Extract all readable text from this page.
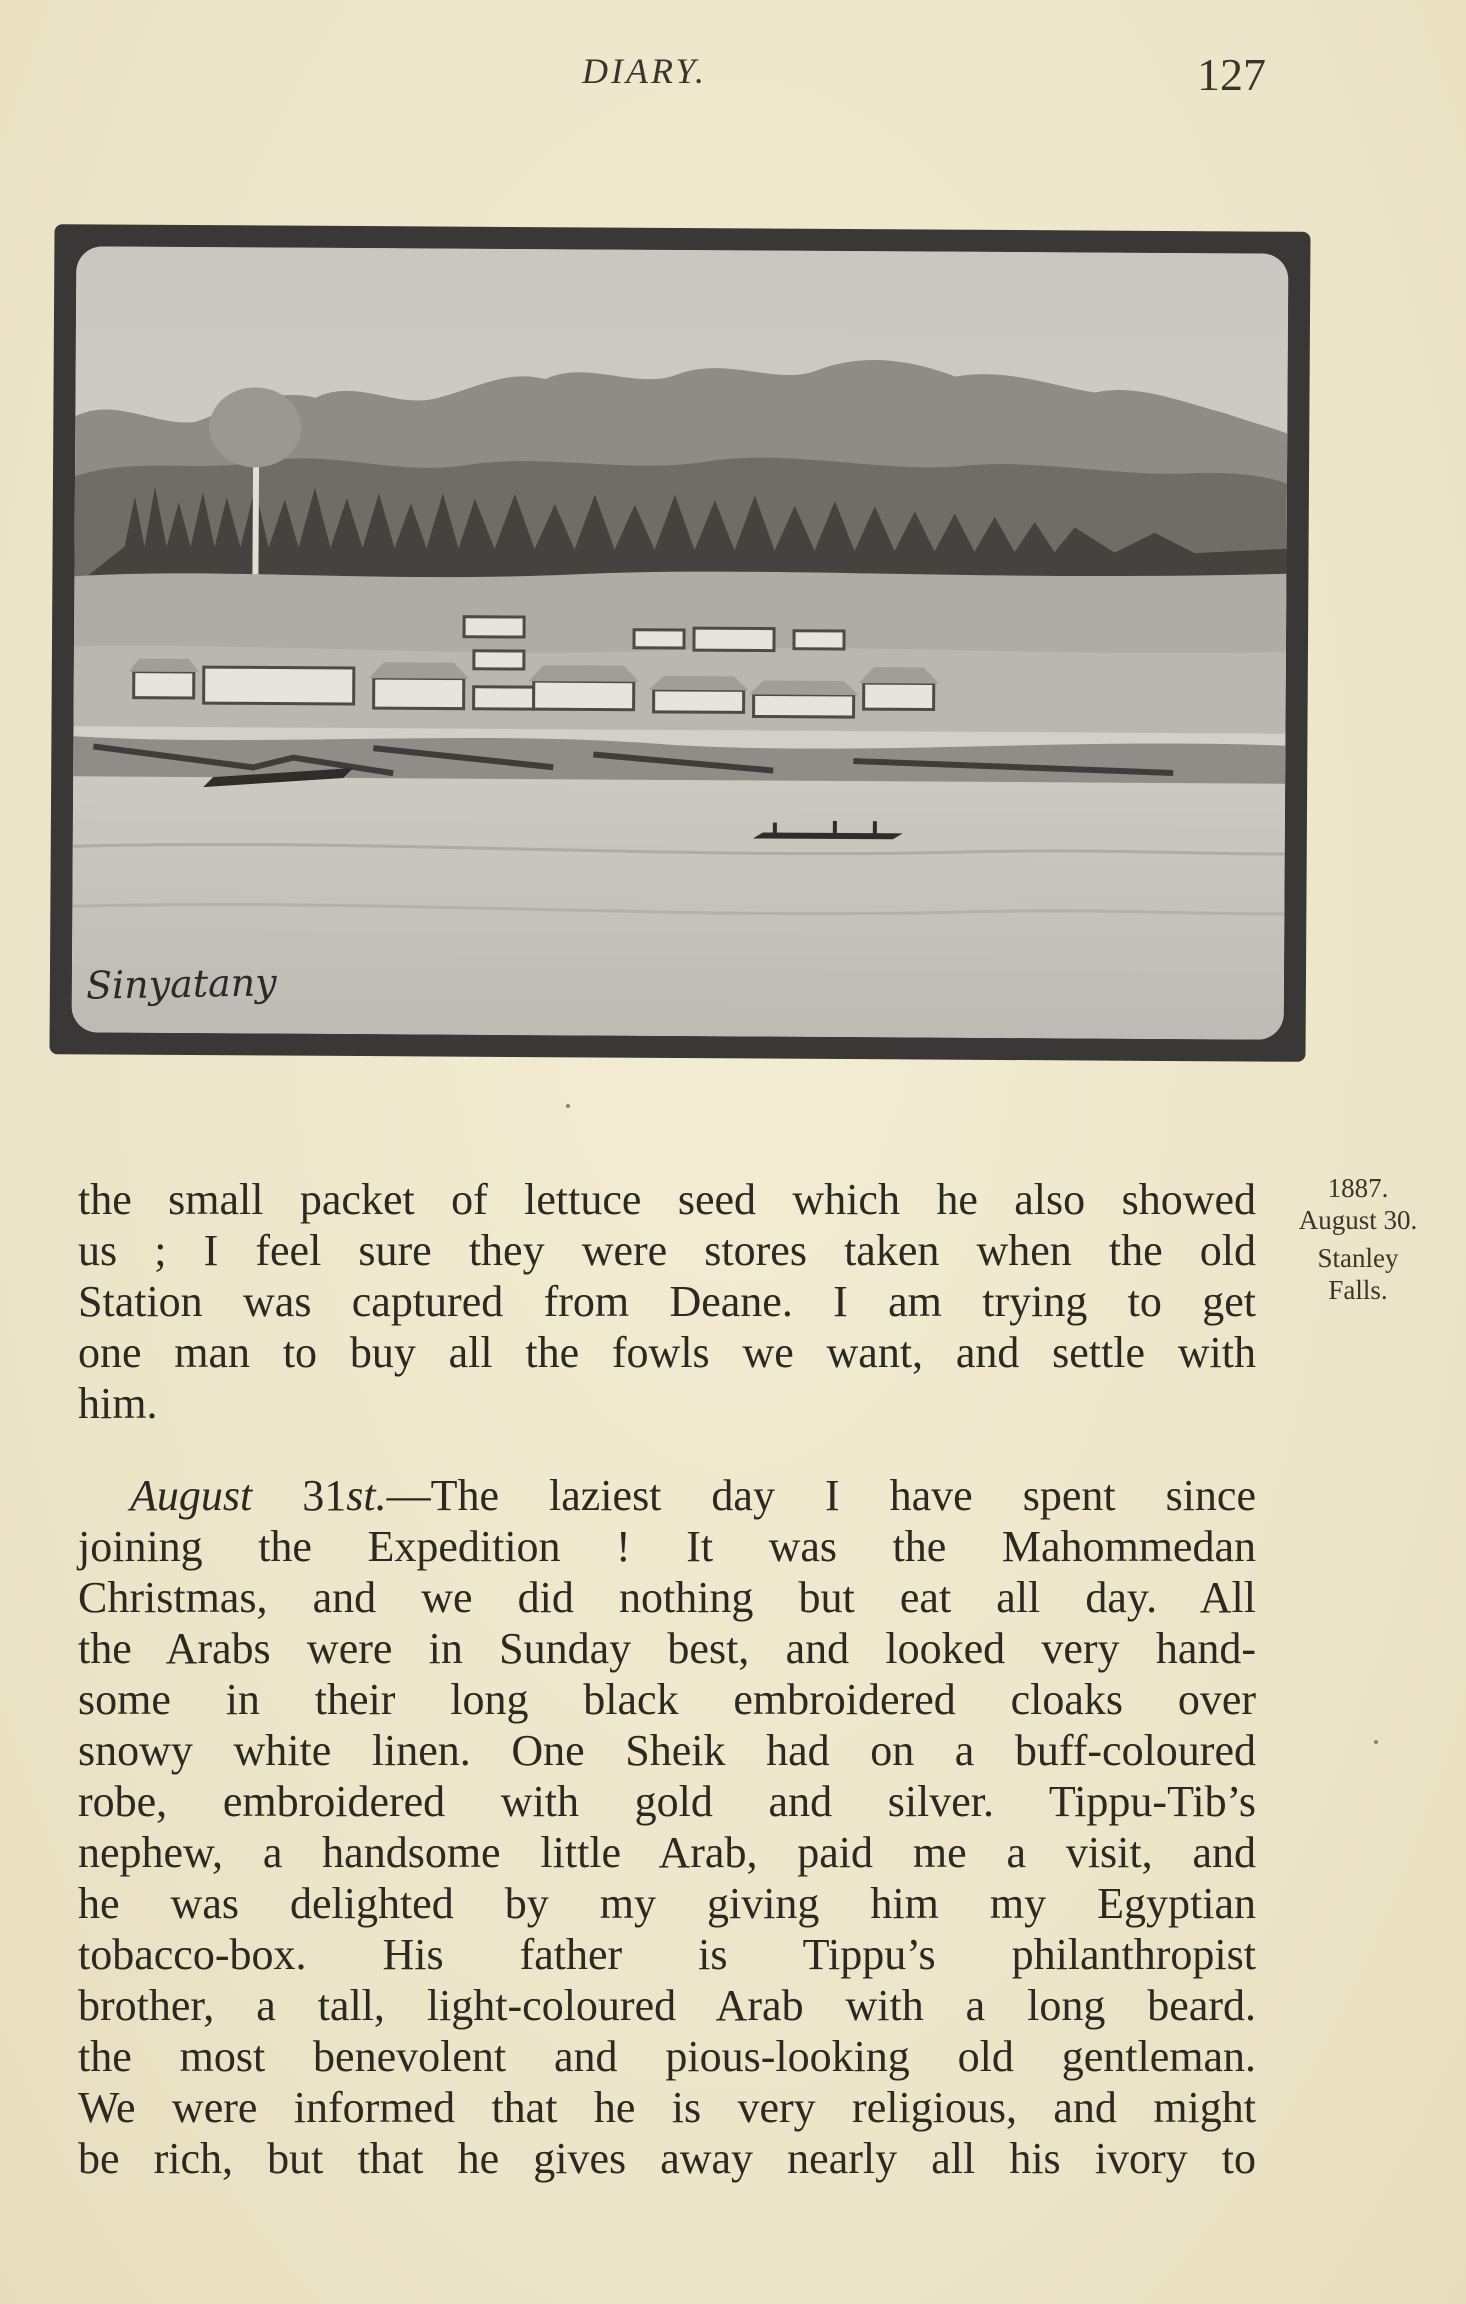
DIARY.	127
Sinyatany
1887.
August 30.
Stanley
Falls.
the small packet of lettuce seed which he also showed
us ; I feel sure they were stores taken when the old
Station was captured from Deane. I am trying to get
one man to buy all the fowls we want, and settle with
him.
August 31st.—The laziest day I have spent since
joining the Expedition ! It was the Mahommedan
Christmas, and we did nothing but eat all day. All
the Arabs were in Sunday best, and looked very hand-
some in their long black embroidered cloaks over
snowy white linen. One Sheik had on a buff-coloured
robe, embroidered with gold and silver. Tippu-Tib’s
nephew, a handsome little Arab, paid me a visit, and
he was delighted by my giving him my Egyptian
tobacco-box. His father is Tippu’s philanthropist
brother, a tall, light-coloured Arab with a long beard.
the most benevolent and pious-looking old gentleman.
We were informed that he is very religious, and might
be rich, but that he gives away nearly all his ivory to
